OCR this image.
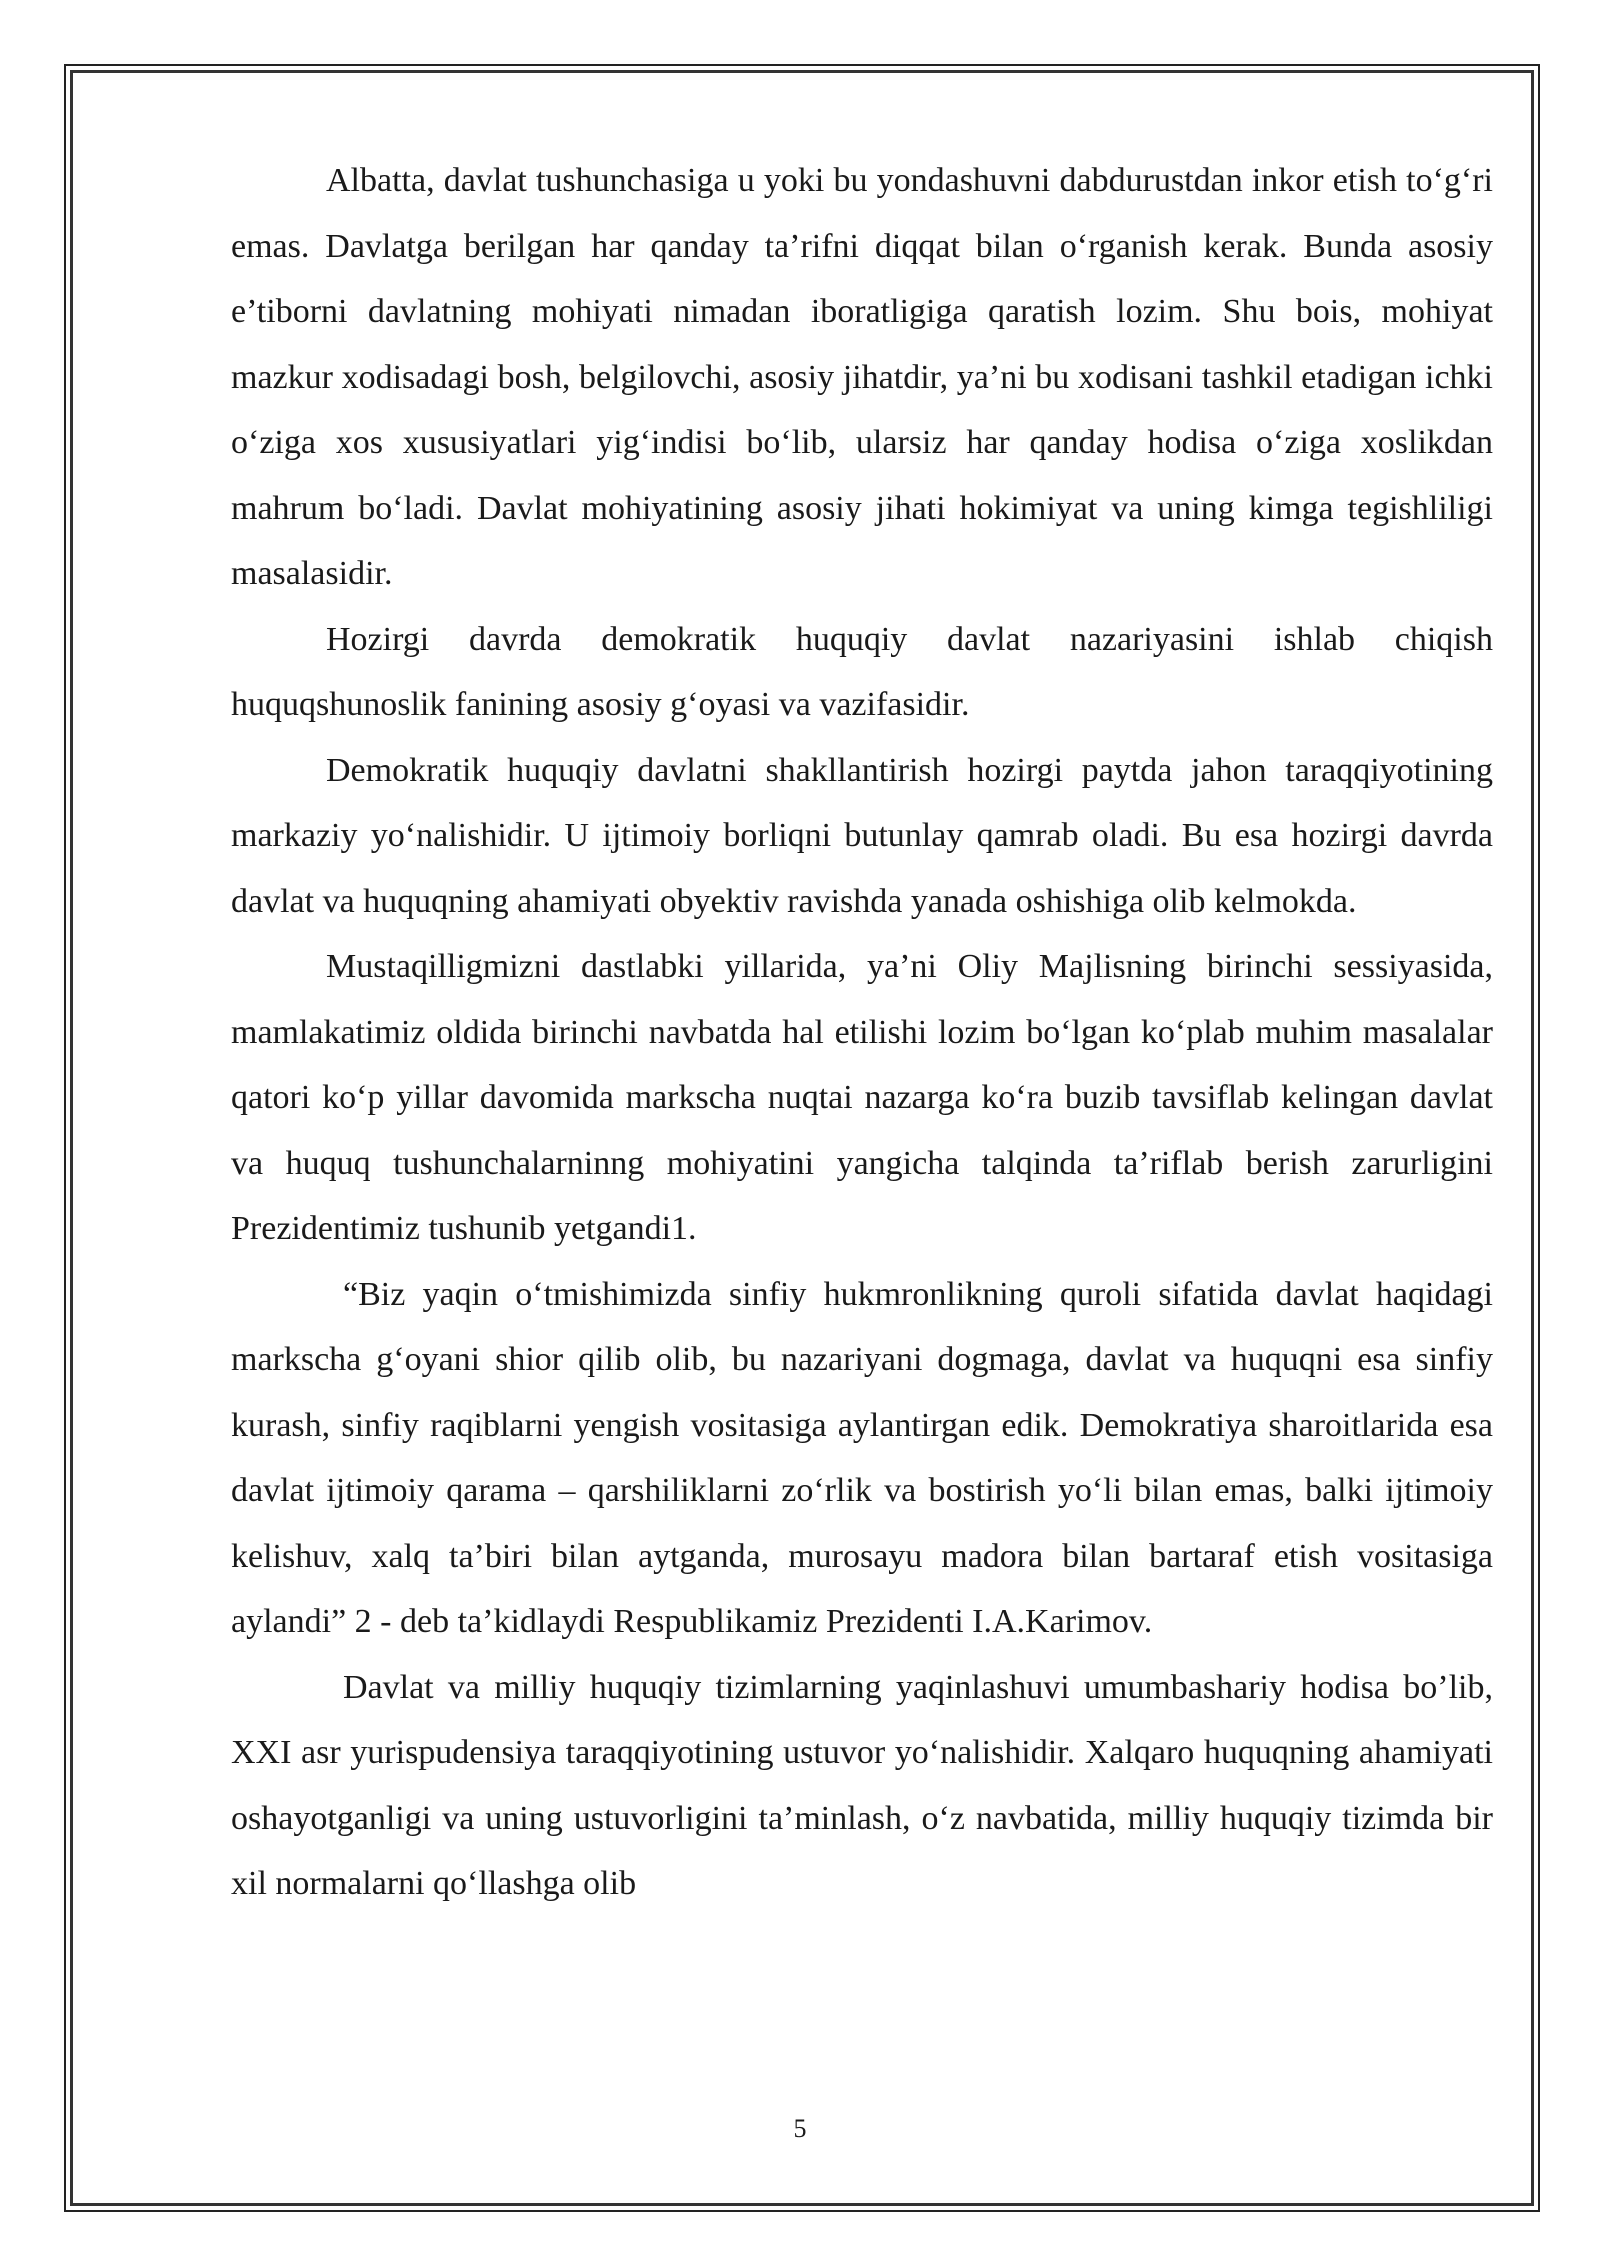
Albatta, davlat tushunchasiga u yoki bu yondashuvni dabdurustdan inkor etish to‘g‘ri emas. Davlatga berilgan har qanday ta’rifni diqqat bilan o‘rganish kerak. Bunda asosiy e’tiborni davlatning mohiyati nimadan iboratligiga qaratish lozim. Shu bois, mohiyat mazkur xodisadagi bosh, belgilovchi, asosiy jihatdir, ya’ni bu xodisani tashkil etadigan ichki o‘ziga xos xususiyatlari yig‘indisi bo‘lib, ularsiz har qanday hodisa o‘ziga xoslikdan mahrum bo‘ladi. Davlat mohiyatining asosiy jihati hokimiyat va uning kimga tegishliligi masalasidir.

Hozirgi davrda demokratik huquqiy davlat nazariyasini ishlab chiqish huquqshunoslik fanining asosiy g‘oyasi va vazifasidir.

Demokratik huquqiy davlatni shakllantirish hozirgi paytda jahon taraqqiyotining markaziy yo‘nalishidir. U ijtimoiy borliqni butunlay qamrab oladi. Bu esa hozirgi davrda davlat va huquqning ahamiyati obyektiv ravishda yanada oshishiga olib kelmokda.

Mustaqilligmizni dastlabki yillarida, ya’ni Oliy Majlisning birinchi sessiyasida, mamlakatimiz oldida birinchi navbatda hal etilishi lozim bo‘lgan ko‘plab muhim masalalar qatori ko‘p yillar davomida markscha nuqtai nazarga ko‘ra buzib tavsiflab kelingan davlat va huquq tushunchalarninng mohiyatini yangicha talqinda ta’riflab berish zarurligini Prezidentimiz tushunib yetgandi1.

“Biz yaqin o‘tmishimizda sinfiy hukmronlikning quroli sifatida davlat haqidagi markscha g‘oyani shior qilib olib, bu nazariyani dogmaga, davlat va huquqni esa sinfiy kurash, sinfiy raqiblarni yengish vositasiga aylantirgan edik. Demokratiya sharoitlarida esa davlat ijtimoiy qarama – qarshiliklarni zo‘rlik va bostirish yo‘li bilan emas, balki ijtimoiy kelishuv, xalq ta’biri bilan aytganda, murosayu madora bilan bartaraf etish vositasiga aylandi” 2 - deb ta’kidlaydi Respublikamiz Prezidenti I.A.Karimov.

Davlat va milliy huquqiy tizimlarning yaqinlashuvi umumbashariy hodisa bo’lib, XXI asr yurispudensiya taraqqiyotining ustuvor yo‘nalishidir. Xalqaro huquqning ahamiyati oshayotganligi va uning ustuvorligini ta’minlash, o‘z navbatida, milliy huquqiy tizimda bir xil normalarni qo‘llashga olib

5
